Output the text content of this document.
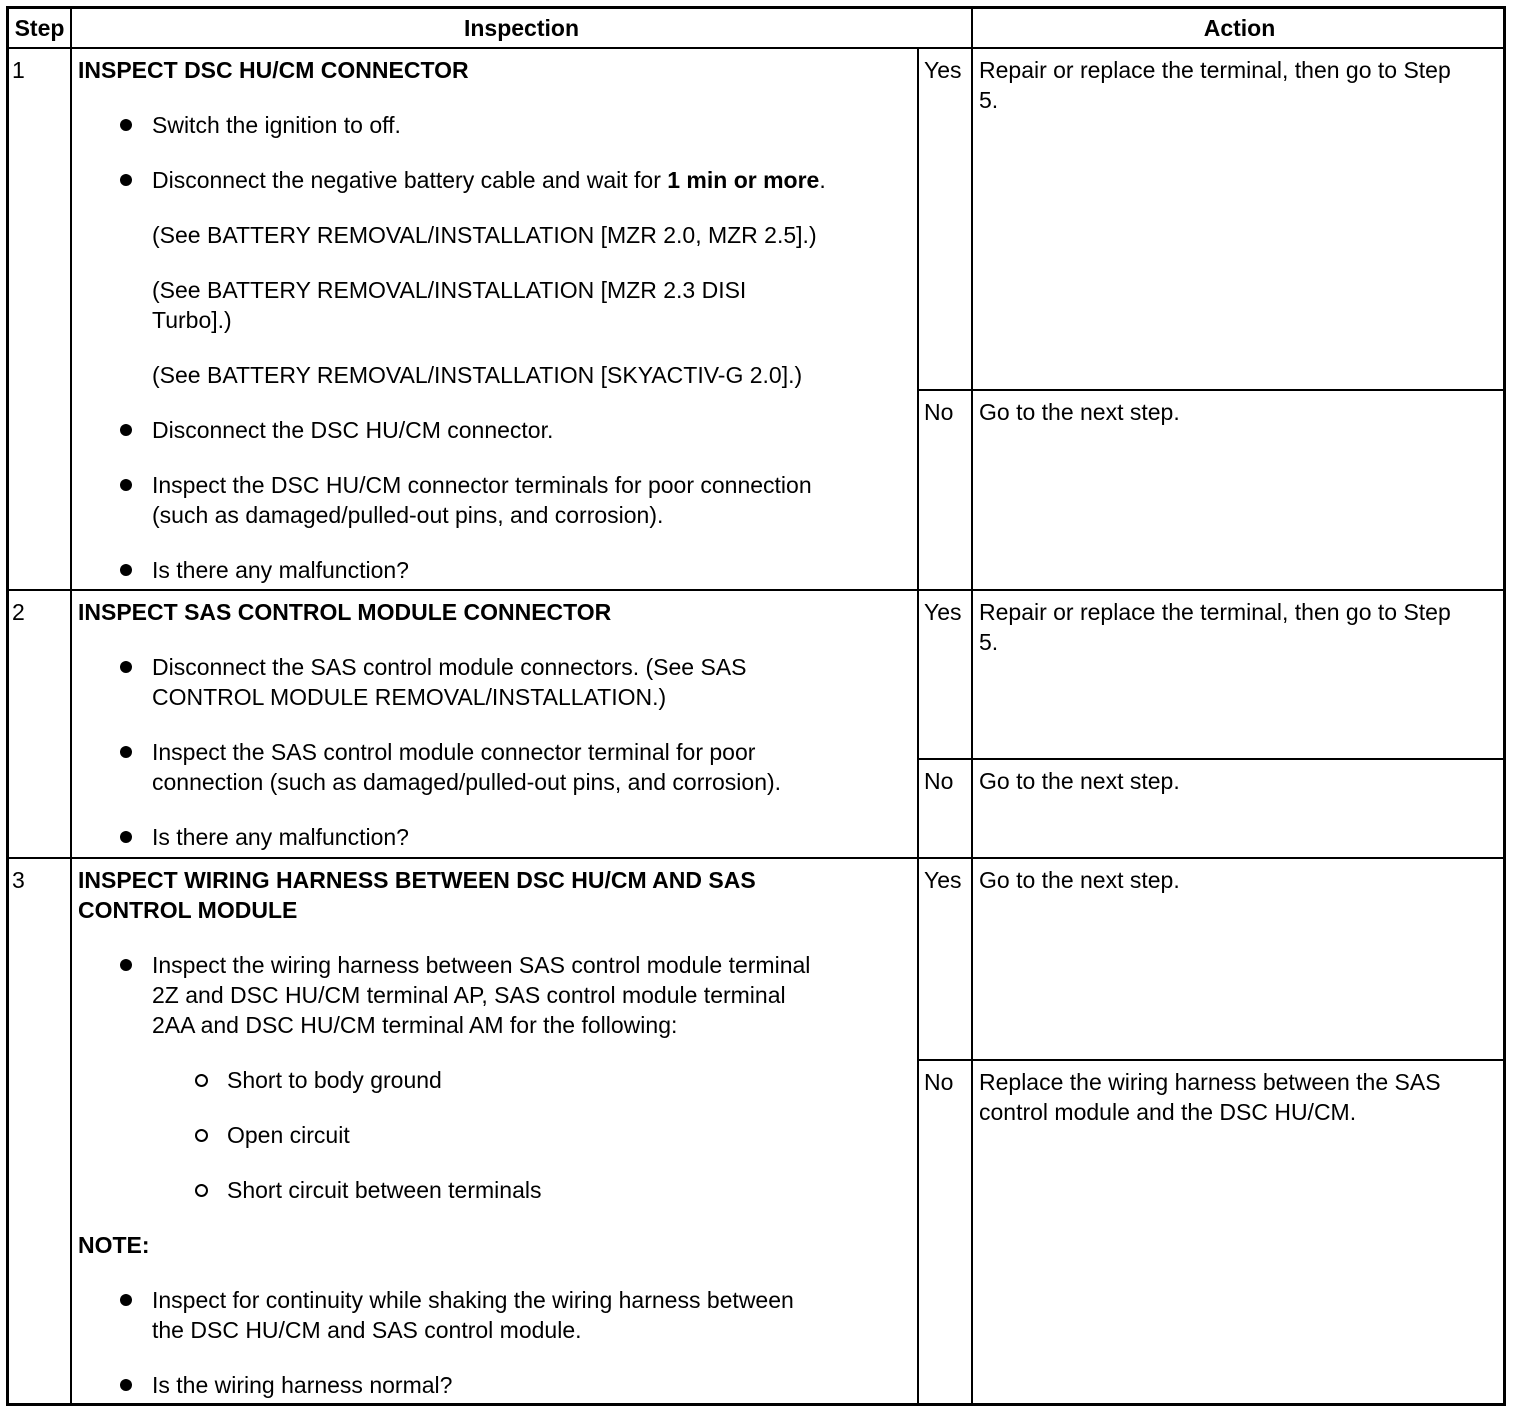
Step	Inspection	Action
1 INSPECT DSC HU/CM CONNECTOR
Switch the ignition to off.
Disconnect the negative battery cable and wait for 1 min or more.
(See BATTERY REMOVAL/INSTALLATION [MZR 2.0, MZR 2.5].)
(See BATTERY REMOVAL/INSTALLATION [MZR 2.3 DISI
Turbo].)
(See BATTERY REMOVAL/INSTALLATION [SKYACTIV-G 2.0].)
Disconnect the DSC HU/CM connector.
Inspect the DSC HU/CM connector terminals for poor connection
(such as damaged/pulled-out pins, and corrosion).
Is there any malfunction?
Yes Repair or replace the terminal, then go to Step
5.
No Go to the next step.
2 INSPECT SAS CONTROL MODULE CONNECTOR
Disconnect the SAS control module connectors. (See SAS
CONTROL MODULE REMOVAL/INSTALLATION.)
Inspect the SAS control module connector terminal for poor
connection (such as damaged/pulled-out pins, and corrosion).
Is there any malfunction?
Yes Repair or replace the terminal, then go to Step
5.
No Go to the next step.
3 INSPECT WIRING HARNESS BETWEEN DSC HU/CM AND SAS
CONTROL MODULE
Inspect the wiring harness between SAS control module terminal
2Z and DSC HU/CM terminal AP, SAS control module terminal
2AA and DSC HU/CM terminal AM for the following:
Short to body ground
Open circuit
Short circuit between terminals
NOTE:
Inspect for continuity while shaking the wiring harness between
the DSC HU/CM and SAS control module.
Is the wiring harness normal?
Yes Go to the next step.
No Replace the wiring harness between the SAS
control module and the DSC HU/CM.
